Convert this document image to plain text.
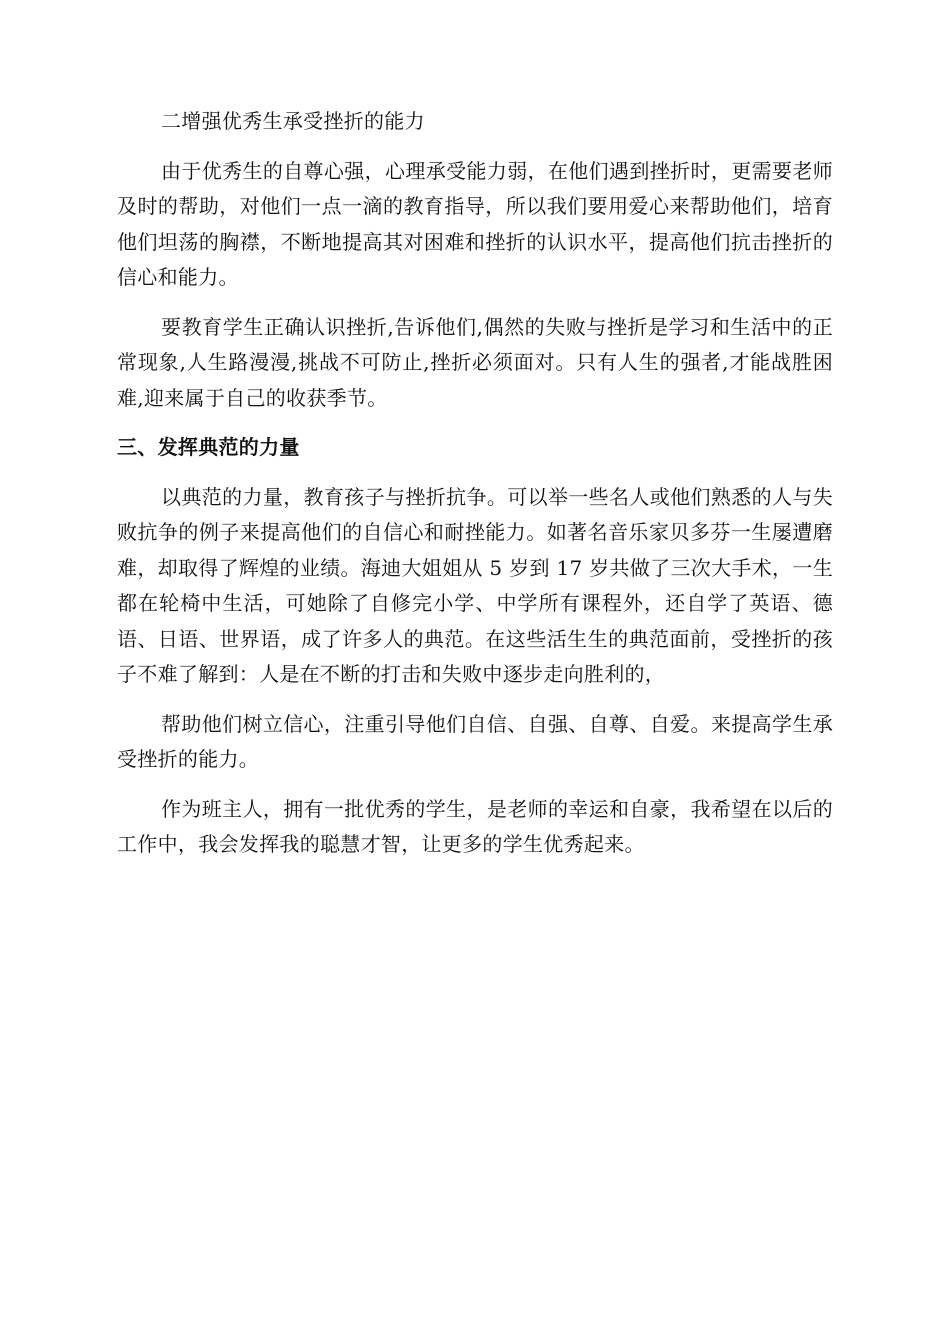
二增强优秀生承受挫折的能力

由于优秀生的自尊心强，心理承受能力弱，在他们遇到挫折时，更需要老师及时的帮助，对他们一点一滴的教育指导，所以我们要用爱心来帮助他们，培育他们坦荡的胸襟，不断地提高其对困难和挫折的认识水平，提高他们抗击挫折的信心和能力。

要教育学生正确认识挫折,告诉他们,偶然的失败与挫折是学习和生活中的正常现象,人生路漫漫,挑战不可防止,挫折必须面对。只有人生的强者,才能战胜困难,迎来属于自己的收获季节。

三、发挥典范的力量

以典范的力量，教育孩子与挫折抗争。可以举一些名人或他们熟悉的人与失败抗争的例子来提高他们的自信心和耐挫能力。如著名音乐家贝多芬一生屡遭磨难，却取得了辉煌的业绩。海迪大姐姐从 5 岁到 17 岁共做了三次大手术，一生都在轮椅中生活，可她除了自修完小学、中学所有课程外，还自学了英语、德语、日语、世界语，成了许多人的典范。在这些活生生的典范面前，受挫折的孩子不难了解到：人是在不断的打击和失败中逐步走向胜利的，

帮助他们树立信心，注重引导他们自信、自强、自尊、自爱。来提高学生承受挫折的能力。

作为班主人，拥有一批优秀的学生，是老师的幸运和自豪，我希望在以后的工作中，我会发挥我的聪慧才智，让更多的学生优秀起来。
